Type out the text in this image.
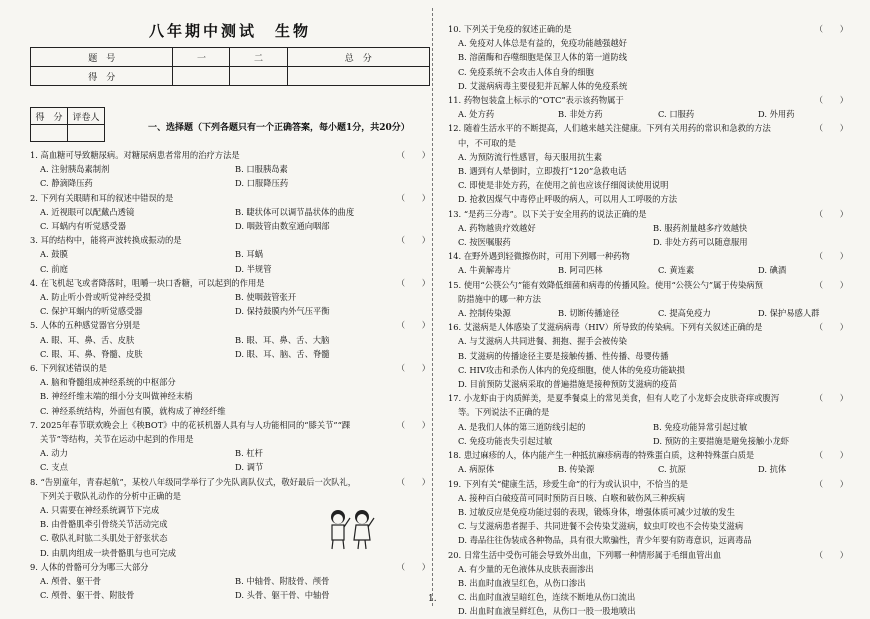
八年期中测试　生物
题　号	一	二	总　分
得　分			
得　分	评卷人

一、选择题（下列各题只有一个正确答案，每小题1分，共20分）
1. 高血糖可导致糖尿病。对糖尿病患者常用的治疗方法是	（　　）
A. 注射胰岛素制剂	B. 口服胰岛素
C. 静滴降压药	D. 口服降压药
2. 下列有关眼睛和耳的叙述中错误的是	（　　）
A. 近视眼可以配戴凸透镜	B. 睫状体可以调节晶状体的曲度
C. 耳蜗内有听觉感受器	D. 咽鼓管由数室通向咽部
3. 耳的结构中，能将声波转换成振动的是	（　　）
A. 鼓膜	B. 耳蜗
C. 前庭	D. 半规管
4. 在飞机起飞或者降落时，咀嚼一块口香糖，可以起到的作用是	（　　）
A. 防止听小骨或听觉神经受损	B. 使咽鼓管张开
C. 保护耳蜗内的听觉感受器	D. 保持鼓膜内外气压平衡
5. 人体的五种感觉器官分别是	（　　）
A. 眼、耳、鼻、舌、皮肤	B. 眼、耳、鼻、舌、大脑
C. 眼、耳、鼻、脊髓、皮肤	D. 眼、耳、脑、舌、脊髓
6. 下列叙述错误的是	（　　）
A. 脑和脊髓组成神经系统的中枢部分
B. 神经纤维末端的细小分支叫做神经末梢
C. 神经系统结构，外面包有膜，就构成了神经纤维
7. 2025年春节联欢晚会上《秧BOT》中的花袄机器人具有与人功能相同的“膝关节”“踝	（　　）
关节”等结构，关节在运动中起到的作用是
A. 动力	B. 杠杆
C. 支点	D. 调节
8. “告别童年，青春起航”，某校八年级同学举行了少先队离队仪式，敬好最后一次队礼，	（　　）
下列关于敬队礼动作的分析中正确的是
A. 只需要在神经系统调节下完成
B. 由骨骼肌牵引骨绕关节活动完成
C. 敬队礼时肱二头肌处于舒张状态
D. 由肌肉组成一块骨骼肌与也可完成
9. 人体的骨骼可分为哪三大部分	（　　）
A. 颅骨、躯干骨	B. 中轴骨、附肢骨、颅骨
C. 颅骨、躯干骨、附肢骨	D. 头骨、躯干骨、中轴骨
10. 下列关于免疫的叙述正确的是	（　　）
A. 免疫对人体总是有益的，免疫功能越强越好
B. 溶菌酶和吞噬细胞是保卫人体的第一道防线
C. 免疫系统不会攻击人体自身的细胞
D. 艾滋病病毒主要侵犯并瓦解人体的免疫系统
11. 药物包装盒上标示的“OTC”表示该药物属于	（　　）
A. 处方药	B. 非处方药	C. 口服药	D. 外用药
12. 随着生活水平的不断提高，人们越来越关注健康。下列有关用药的常识和急救的方法	（　　）
中，不可取的是
A. 为预防流行性感冒，每天服用抗生素
B. 遇到有人晕倒时，立即拨打“120”急救电话
C. 即使是非处方药，在使用之前也应该仔细阅读使用说明
D. 抢救因煤气中毒停止呼吸的病人，可以用人工呼吸的方法
13. “是药三分毒”。以下关于安全用药的说法正确的是	（　　）
A. 药物越贵疗效越好	B. 服药剂量越多疗效越快
C. 按医嘱服药	D. 非处方药可以随意服用
14. 在野外遇到轻微擦伤时，可用下列哪一种药物	（　　）
A. 牛黄解毒片	B. 阿司匹林	C. 黄连素	D. 碘酒
15. 使用“公筷公勺”能有效降低细菌和病毒的传播风险。使用“公筷公勺”属于传染病预	（　　）
防措施中的哪一种方法
A. 控制传染源	B. 切断传播途径	C. 提高免疫力	D. 保护易感人群
16. 艾滋病是人体感染了艾滋病病毒（HIV）所导致的传染病。下列有关叙述正确的是	（　　）
A. 与艾滋病人共同进餐、拥抱、握手会被传染
B. 艾滋病的传播途径主要是接触传播、性传播、母婴传播
C. HIV攻击和杀伤人体内的免疫细胞，使人体的免疫功能缺损
D. 目前预防艾滋病采取的普遍措施是接种预防艾滋病的疫苗
17. 小龙虾由于肉质鲜美，是夏季餐桌上的常见美食，但有人吃了小龙虾会皮肤奇痒或腹泻	（　　）
等。下列说法不正确的是
A. 是我们人体的第三道防线引起的	B. 免疫功能异常引起过敏
C. 免疫功能丧失引起过敏	D. 预防的主要措施是避免接触小龙虾
18. 患过麻疹的人，体内能产生一种抵抗麻疹病毒的特殊蛋白质，这种特殊蛋白质是	（　　）
A. 病原体	B. 传染源	C. 抗原	D. 抗体
19. 下列有关“健康生活，珍爱生命”的行为或认识中，不恰当的是	（　　）
A. 接种百白破疫苗可同时预防百日咳、白喉和破伤风三种疾病
B. 过敏反应是免疫功能过弱的表现，锻炼身体，增强体质可减少过敏的发生
C. 与艾滋病患者握手、共同进餐不会传染艾滋病，蚊虫叮咬也不会传染艾滋病
D. 毒品往往伪装成各种物品，具有很大欺骗性，青少年要有防毒意识，远离毒品
20. 日常生活中受伤可能会导致外出血，下列哪一种情形属于毛细血管出血	（　　）
A. 有少量的无色液体从皮肤表面渗出
B. 出血时血液呈红色，从伤口渗出
C. 出血时血液呈暗红色，连续不断地从伤口流出
D. 出血时血液呈鲜红色，从伤口一股一股地喷出
1.
